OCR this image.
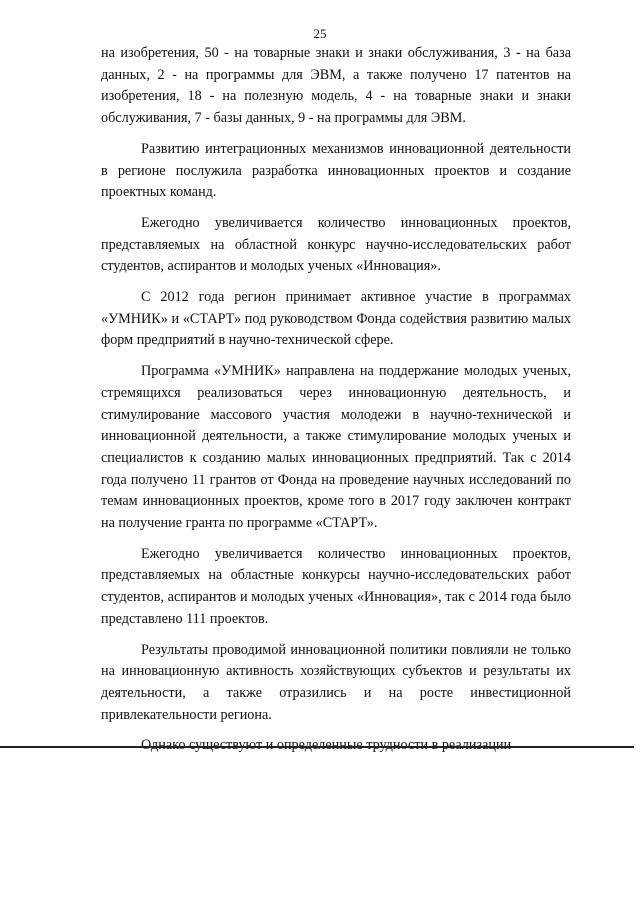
25

на изобретения, 50 - на товарные знаки и знаки обслуживания, 3 - на база данных, 2 - на программы для ЭВМ, а также получено 17 патентов на изобретения, 18 - на полезную модель, 4 - на товарные знаки и знаки обслуживания, 7 - базы данных, 9 - на программы для ЭВМ.

Развитию интеграционных механизмов инновационной деятельности в регионе послужила разработка инновационных проектов и создание проектных команд.

Ежегодно увеличивается количество инновационных проектов, представляемых на областной конкурс научно-исследовательских работ студентов, аспирантов и молодых ученых «Инновация».

С 2012 года регион принимает активное участие в программах «УМНИК» и «СТАРТ» под руководством Фонда содействия развитию малых форм предприятий в научно-технической сфере.

Программа «УМНИК» направлена на поддержание молодых ученых, стремящихся реализоваться через инновационную деятельность, и стимулирование массового участия молодежи в научно-технической и инновационной деятельности, а также стимулирование молодых ученых и специалистов к созданию малых инновационных предприятий. Так с 2014 года получено 11 грантов от Фонда на проведение научных исследований по темам инновационных проектов, кроме того в 2017 году заключен контракт на получение гранта по программе «СТАРТ».

Ежегодно увеличивается количество инновационных проектов, представляемых на областные конкурсы научно-исследовательских работ студентов, аспирантов и молодых ученых «Инновация», так с 2014 года было представлено 111 проектов.

Результаты проводимой инновационной политики повлияли не только на инновационную активность хозяйствующих субъектов и результаты их деятельности, а также отразились и на росте инвестиционной привлекательности региона.
